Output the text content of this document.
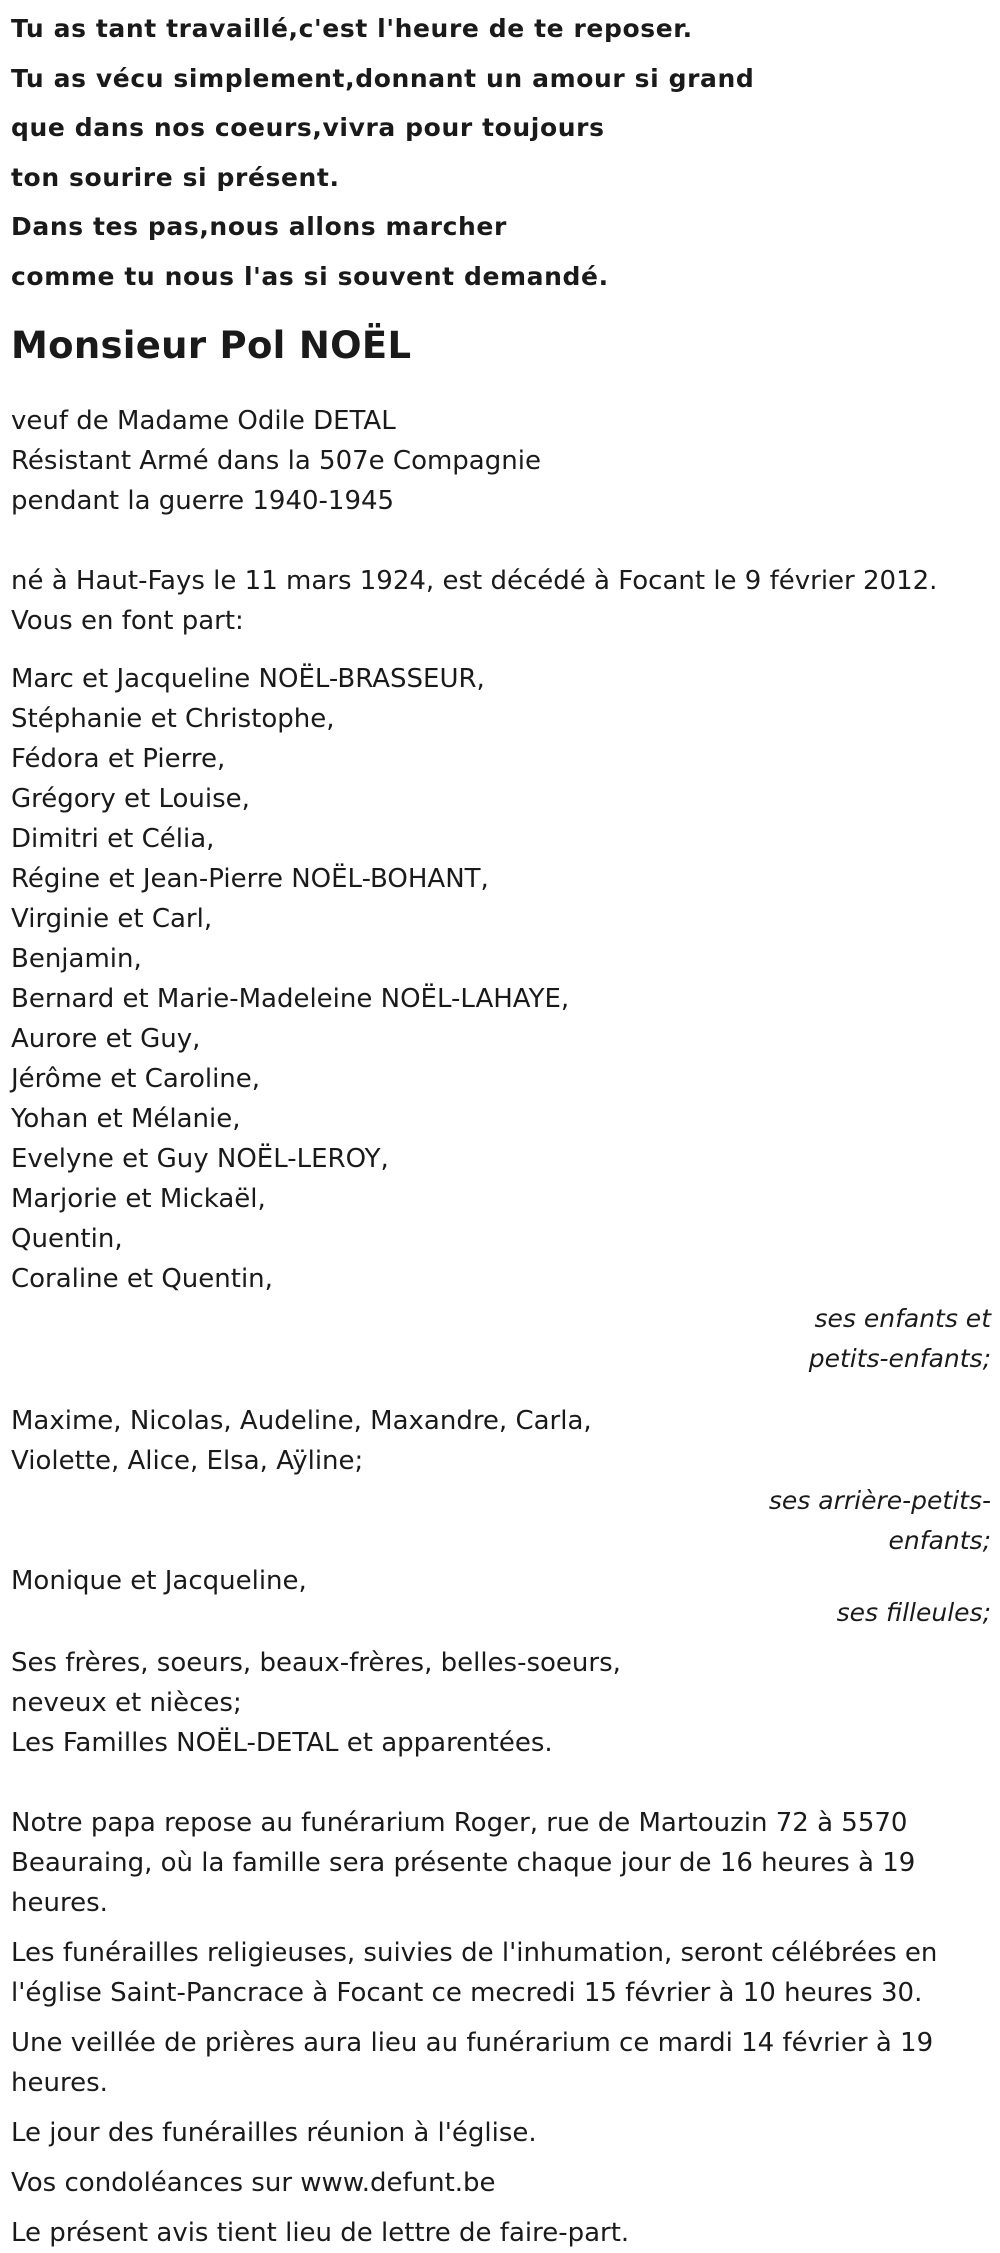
Tu as tant travaillé,c'est l'heure de te reposer.
Tu as vécu simplement,donnant un amour si grand
que dans nos coeurs,vivra pour toujours
ton sourire si présent.
Dans tes pas,nous allons marcher
comme tu nous l'as si souvent demandé.
Monsieur Pol NOËL
veuf de Madame Odile DETAL
Résistant Armé dans la 507e Compagnie
pendant la guerre 1940-1945
né à Haut-Fays le 11 mars 1924, est décédé à Focant le 9 février 2012.
Vous en font part:
Marc et Jacqueline NOËL-BRASSEUR,
Stéphanie et Christophe,
Fédora et Pierre,
Grégory et Louise,
Dimitri et Célia,
Régine et Jean-Pierre NOËL-BOHANT,
Virginie et Carl,
Benjamin,
Bernard et Marie-Madeleine NOËL-LAHAYE,
Aurore et Guy,
Jérôme et Caroline,
Yohan et Mélanie,
Evelyne et Guy NOËL-LEROY,
Marjorie et Mickaël,
Quentin,
Coraline et Quentin,
ses enfants et
petits-enfants;
Maxime, Nicolas, Audeline, Maxandre, Carla,
Violette, Alice, Elsa, Aÿline;
ses arrière-petits-
enfants;
Monique et Jacqueline,
ses filleules;
Ses frères, soeurs, beaux-frères, belles-soeurs,
neveux et nièces;
Les Familles NOËL-DETAL et apparentées.
Notre papa repose au funérarium Roger, rue de Martouzin 72 à 5570 Beauraing, où la famille sera présente chaque jour de 16 heures à 19 heures.
Les funérailles religieuses, suivies de l'inhumation, seront célébrées en l'église Saint-Pancrace à Focant ce mecredi 15 février à 10 heures 30.
Une veillée de prières aura lieu au funérarium ce mardi 14 février à 19 heures.
Le jour des funérailles réunion à l'église.
Vos condoléances sur www.defunt.be
Le présent avis tient lieu de lettre de faire-part.
